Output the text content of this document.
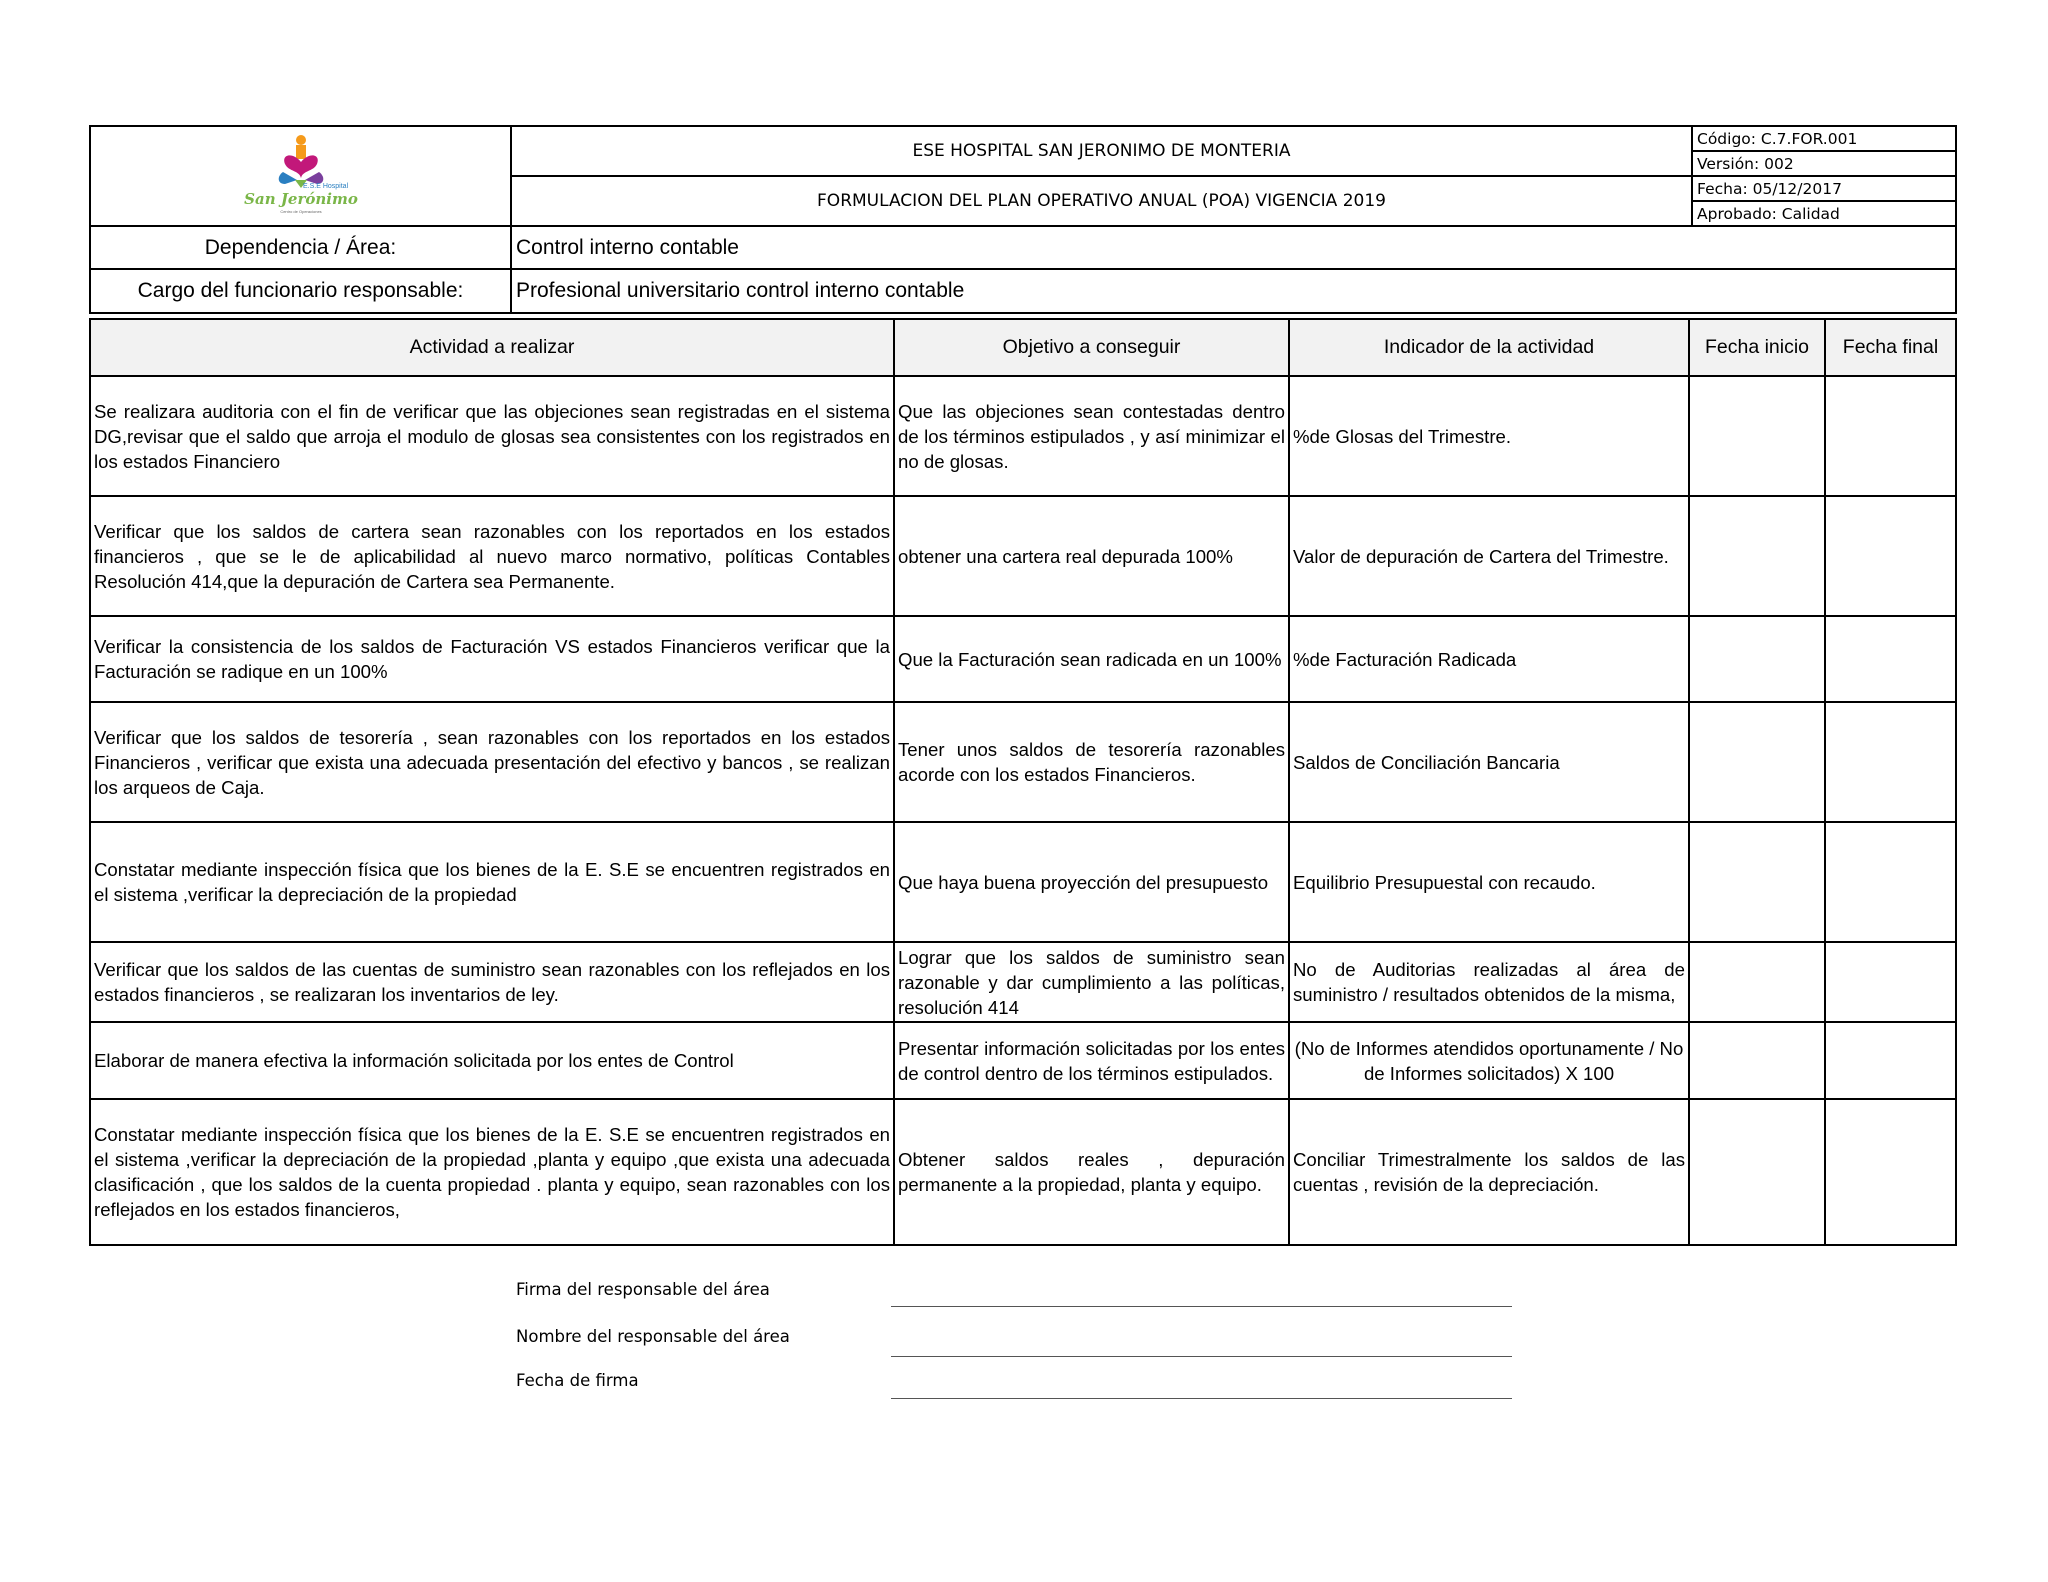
E.S.E Hospital
San Jerónimo
Centro de Operaciones	ESE HOSPITAL SAN JERONIMO DE MONTERIA	Código: C.7.FOR.001
		Versión: 002
	FORMULACION DEL PLAN OPERATIVO ANUAL (POA) VIGENCIA 2019	Fecha: 05/12/2017
		Aprobado: Calidad
Dependencia / Área:	Control interno contable	
Cargo del funcionario responsable:	Profesional universitario control interno contable	
Actividad a realizar	Objetivo a conseguir	Indicador de la actividad	Fecha inicio	Fecha final
Se realizara auditoria con el fin de verificar que las objeciones sean registradas en el sistema DG,revisar que el saldo que arroja el modulo de glosas sea consistentes con los registrados en los estados Financiero	Que las objeciones sean contestadas dentro de los términos estipulados , y así minimizar el no de glosas.	%de Glosas del Trimestre.		
Verificar que los saldos de cartera sean razonables con los reportados en los estados financieros , que se le de aplicabilidad al nuevo marco normativo, políticas Contables Resolución 414,que la depuración de Cartera sea Permanente.	obtener una cartera real depurada 100%	Valor de depuración de Cartera del Trimestre.		
Verificar la consistencia de los saldos de Facturación VS estados Financieros verificar que la Facturación se radique en un 100%	Que la Facturación sean radicada en un 100%	%de Facturación Radicada		
Verificar que los saldos de tesorería , sean razonables con los reportados en los estados Financieros , verificar que exista una adecuada presentación del efectivo y bancos , se realizan los arqueos de Caja.	Tener unos saldos de tesorería razonables acorde con los estados Financieros.	Saldos de Conciliación Bancaria		
Constatar mediante inspección física que los bienes de la E. S.E se encuentren registrados en el sistema ,verificar la depreciación de la propiedad	Que haya buena proyección del presupuesto	Equilibrio Presupuestal con recaudo.		
Verificar que los saldos de las cuentas de suministro sean razonables con los reflejados en los estados financieros , se realizaran los inventarios de ley.	Lograr que los saldos de suministro sean razonable y dar cumplimiento a las políticas, resolución 414	No de Auditorias realizadas al área de suministro / resultados obtenidos de la misma,		
Elaborar de manera efectiva la información solicitada por los entes de Control	Presentar información solicitadas por los entes de control dentro de los términos estipulados.	(No de Informes atendidos oportunamente / No de Informes solicitados) X 100		
Constatar mediante inspección física que los bienes de la E. S.E se encuentren registrados en el sistema ,verificar la depreciación de la propiedad ,planta y equipo ,que exista una adecuada clasificación , que los saldos de la cuenta propiedad . planta y equipo, sean razonables con los reflejados en los estados financieros,	Obtener saldos reales , depuración permanente a la propiedad, planta y equipo.	Conciliar Trimestralmente los saldos de las cuentas , revisión de la depreciación.		
Firma del responsable del área
Nombre del responsable del área
Fecha de firma
